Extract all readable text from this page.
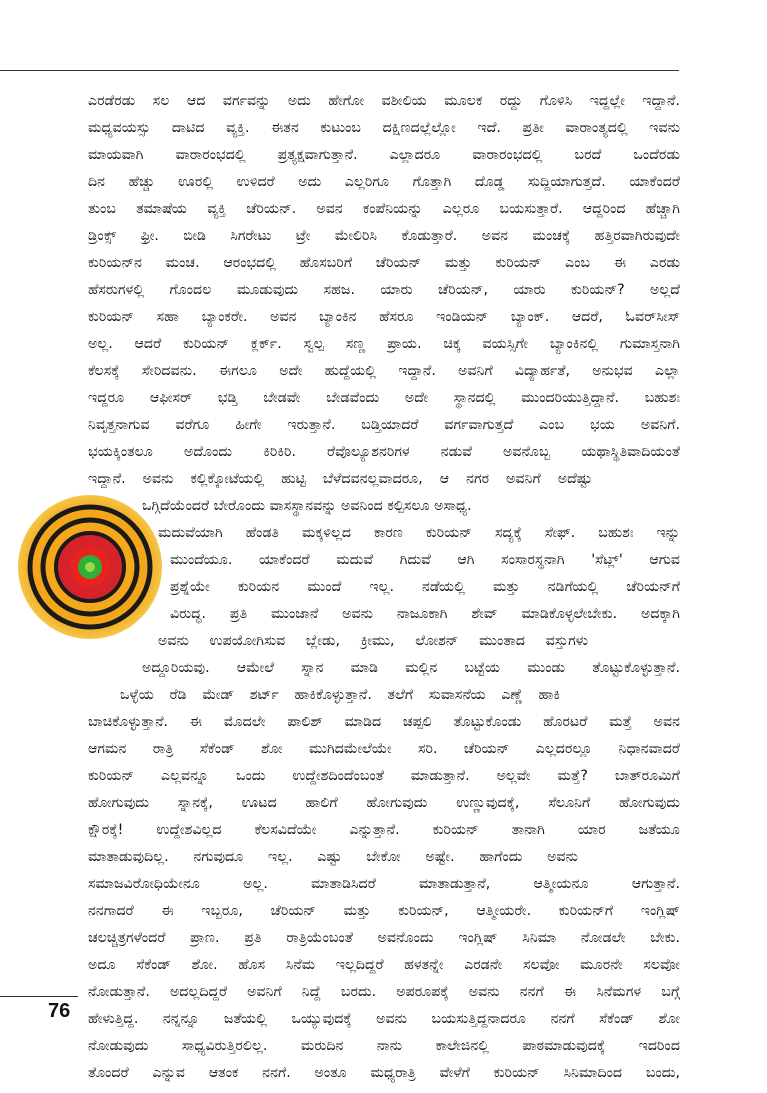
ಎರಡೆರಡು ಸಲ ಆದ ವರ್ಗವನ್ನು ಅದು ಹೇಗೋ ವಶೀಲಿಯ ಮೂಲಕ ರದ್ದು ಗೊಳಿಸಿ ಇದ್ದಲ್ಲೇ ಇದ್ದಾನೆ.
ಮಧ್ಯವಯಸ್ಸು ದಾಟಿದ ವ್ಯಕ್ತಿ. ಈತನ ಕುಟುಂಬ ದಕ್ಷಿಣದಲ್ಲೆಲ್ಲೋ ಇದೆ. ಪ್ರತೀ ವಾರಾಂತ್ಯದಲ್ಲಿ ಇವನು
ಮಾಯವಾಗಿ ವಾರಾರಂಭದಲ್ಲಿ ಪ್ರತ್ಯಕ್ಷವಾಗುತ್ತಾನೆ. ಎಲ್ಲಾದರೂ ವಾರಾರಂಭದಲ್ಲಿ ಬರದೆ ಒಂದೆರಡು
ದಿನ ಹೆಚ್ಚು ಊರಲ್ಲಿ ಉಳಿದರೆ ಅದು ಎಲ್ಲರಿಗೂ ಗೊತ್ತಾಗಿ ದೊಡ್ಡ ಸುದ್ದಿಯಾಗುತ್ತದೆ. ಯಾಕೆಂದರೆ
ತುಂಬ ತಮಾಷೆಯ ವ್ಯಕ್ತಿ ಚೆರಿಯನ್. ಅವನ ಕಂಪೆನಿಯನ್ನು ಎಲ್ಲರೂ ಬಯಸುತ್ತಾರೆ. ಆದ್ದರಿಂದ ಹೆಚ್ಚಾಗಿ
ಡ್ರಿಂಕ್ಸ್ ಫ್ರೀ. ಬೀಡಿ ಸಿಗರೇಟು ಟ್ರೇ ಮೇಲಿರಿಸಿ ಕೊಡುತ್ತಾರೆ. ಅವನ ಮಂಚಕ್ಕೆ ಹತ್ತಿರವಾಗಿರುವುದೇ
ಕುರಿಯನ್‌ನ ಮಂಚ. ಆರಂಭದಲ್ಲಿ ಹೊಸಬರಿಗೆ ಚೆರಿಯನ್ ಮತ್ತು ಕುರಿಯನ್ ಎಂಬ ಈ ಎರಡು
ಹೆಸರುಗಳಲ್ಲಿ ಗೊಂದಲ ಮೂಡುವುದು ಸಹಜ. ಯಾರು ಚೆರಿಯನ್, ಯಾರು ಕುರಿಯನ್? ಅಲ್ಲದೆ
ಕುರಿಯನ್ ಸಹಾ ಬ್ಯಾಂಕರೇ. ಅವನ ಬ್ಯಾಂಕಿನ ಹೆಸರೂ ಇಂಡಿಯನ್ ಬ್ಯಾಂಕ್. ಆದರೆ, ಓವರ್‌ಸೀಸ್
ಅಲ್ಲ. ಆದರೆ ಕುರಿಯನ್ ಕ್ಲರ್ಕ್. ಸ್ವಲ್ಪ ಸಣ್ಣ ಪ್ರಾಯ. ಚಿಕ್ಕ ವಯಸ್ಸಿಗೇ ಬ್ಯಾಂಕಿನಲ್ಲಿ ಗುಮಾಸ್ತನಾಗಿ
ಕೆಲಸಕ್ಕೆ ಸೇರಿದವನು. ಈಗಲೂ ಅದೇ ಹುದ್ದೆಯಲ್ಲಿ ಇದ್ದಾನೆ. ಅವನಿಗೆ ವಿದ್ಯಾರ್ಹತೆ, ಅನುಭವ ಎಲ್ಲಾ
ಇದ್ದರೂ ಆಫೀಸರ್ ಭಡ್ತಿ ಬೇಡವೇ ಬೇಡವೆಂದು ಅದೇ ಸ್ಥಾನದಲ್ಲಿ ಮುಂದರಿಯುತ್ತಿದ್ದಾನೆ. ಬಹುಶಃ
ನಿವೃತ್ತನಾಗುವ ವರೆಗೂ ಹೀಗೇ ಇರುತ್ತಾನೆ. ಬಡ್ತಿಯಾದರೆ ವರ್ಗವಾಗುತ್ತದೆ ಎಂಬ ಭಯ ಅವನಿಗೆ.
ಭಯಕ್ಕಿಂತಲೂ ಅದೊಂದು ಕಿರಿಕಿರಿ. ರೆವೊಲ್ಯೂಶನರಿಗಳ ನಡುವೆ ಅವನೊಬ್ಬ ಯಥಾಸ್ಥಿತಿವಾದಿಯಂತೆ
ಇದ್ದಾನೆ. ಅವನು ಕಲ್ಲಿಕ್ಕೋಟೆಯಲ್ಲಿ ಹುಟ್ಟಿ ಬೆಳೆದವನಲ್ಲವಾದರೂ, ಆ ನಗರ ಅವನಿಗೆ ಅದೆಷ್ಟು
ಒಗ್ಗಿದೆಯೆಂದರೆ ಬೇರೊಂದು ವಾಸಸ್ಥಾನವನ್ನು ಅವನಿಂದ ಕಲ್ಪಿಸಲೂ ಅಸಾಧ್ಯ.
ಮದುವೆಯಾಗಿ ಹೆಂಡತಿ ಮಕ್ಕಳಿಲ್ಲದ ಕಾರಣ ಕುರಿಯನ್ ಸದ್ಯಕ್ಕೆ ಸೇಫ್. ಬಹುಶಃ ಇನ್ನು
ಮುಂದೆಯೂ. ಯಾಕೆಂದರೆ ಮದುವೆ ಗಿದುವೆ ಆಗಿ ಸಂಸಾರಸ್ಥನಾಗಿ 'ಸೆಟ್ಲ್' ಆಗುವ
ಪ್ರಶ್ನೆಯೇ ಕುರಿಯನ ಮುಂದೆ ಇಲ್ಲ. ನಡೆಯಲ್ಲಿ ಮತ್ತು ನಡಿಗೆಯಲ್ಲಿ ಚೆರಿಯನ್‌ಗೆ
ವಿರುದ್ಧ. ಪ್ರತಿ ಮುಂಜಾನೆ ಅವನು ನಾಜೂಕಾಗಿ ಶೇವ್ ಮಾಡಿಕೊಳ್ಳಲೇಬೇಕು. ಅದಕ್ಕಾಗಿ
ಅವನು ಉಪಯೋಗಿಸುವ ಬ್ಲೇಡು, ಕ್ರೀಮು, ಲೋಶನ್ ಮುಂತಾದ ವಸ್ತುಗಳು
ಅದ್ದೂರಿಯವು. ಆಮೇಲೆ ಸ್ನಾನ ಮಾಡಿ ಮಲ್ಲಿನ ಬಟ್ಟೆಯ ಮುಂಡು ತೊಟ್ಟುಕೊಳ್ಳುತ್ತಾನೆ.
ಒಳ್ಳೆಯ ರೆಡಿ ಮೇಡ್ ಶರ್ಟ್ ಹಾಕಿಕೊಳ್ಳುತ್ತಾನೆ. ತಲೆಗೆ ಸುವಾಸನೆಯ ಎಣ್ಣೆ ಹಾಕಿ
ಬಾಚಿಕೊಳ್ಳುತ್ತಾನೆ. ಈ ಮೊದಲೇ ಪಾಲಿಶ್ ಮಾಡಿದ ಚಪ್ಪಲಿ ತೊಟ್ಟುಕೊಂಡು ಹೊರಟರೆ ಮತ್ತೆ ಅವನ
ಆಗಮನ ರಾತ್ರಿ ಸೆಕೆಂಡ್ ಶೋ ಮುಗಿದಮೇಲೆಯೇ ಸರಿ. ಚೆರಿಯನ್ ಎಲ್ಲದರಲ್ಲೂ ನಿಧಾನವಾದರೆ
ಕುರಿಯನ್ ಎಲ್ಲವನ್ನೂ ಒಂದು ಉದ್ದೇಶದಿಂದೆಂಬಂತೆ ಮಾಡುತ್ತಾನೆ. ಅಲ್ಲವೇ ಮತ್ತೆ? ಬಾತ್‌ರೂಮಿಗೆ
ಹೋಗುವುದು ಸ್ನಾನಕ್ಕೆ, ಊಟದ ಹಾಲಿಗೆ ಹೋಗುವುದು ಉಣ್ಣುವುದಕ್ಕೆ, ಸೆಲೂನಿಗೆ ಹೋಗುವುದು
ಕ್ಷೌರಕ್ಕೆ! ಉದ್ದೇಶವಿಲ್ಲದ ಕೆಲಸವಿದೆಯೇ ಎನ್ನುತ್ತಾನೆ. ಕುರಿಯನ್ ತಾನಾಗಿ ಯಾರ ಜತೆಯೂ
ಮಾತಾಡುವುದಿಲ್ಲ. ನಗುವುದೂ ಇಲ್ಲ. ಎಷ್ಟು ಬೇಕೋ ಅಷ್ಟೇ. ಹಾಗೆಂದು ಅವನು
ಸಮಾಜವಿರೋಧಿಯೇನೂ ಅಲ್ಲ. ಮಾತಾಡಿಸಿದರೆ ಮಾತಾಡುತ್ತಾನೆ, ಆತ್ಮೀಯನೂ ಆಗುತ್ತಾನೆ.
ನನಗಾದರೆ ಈ ಇಬ್ಬರೂ, ಚೆರಿಯನ್ ಮತ್ತು ಕುರಿಯನ್, ಆತ್ಮೀಯರೇ. ಕುರಿಯನ್‌ಗೆ ಇಂಗ್ಲಿಷ್
ಚಲಚ್ಚಿತ್ರಗಳೆಂದರೆ ಪ್ರಾಣ. ಪ್ರತಿ ರಾತ್ರಿಯೆಂಬಂತೆ ಅವನೊಂದು ಇಂಗ್ಲಿಷ್ ಸಿನಿಮಾ ನೋಡಲೇ ಬೇಕು.
ಅದೂ ಸೆಕೆಂಡ್ ಶೋ. ಹೊಸ ಸಿನೆಮ ಇಲ್ಲದಿದ್ದರೆ ಹಳತನ್ನೇ ಎರಡನೇ ಸಲವೋ ಮೂರನೇ ಸಲವೋ
ನೋಡುತ್ತಾನೆ. ಅದಲ್ಲದಿದ್ದರೆ ಅವನಿಗೆ ನಿದ್ದೆ ಬರದು. ಅಪರೂಪಕ್ಕೆ ಅವನು ನನಗೆ ಈ ಸಿನೆಮಗಳ ಬಗ್ಗೆ
ಹೇಳುತ್ತಿದ್ದ. ನನ್ನನ್ನೂ ಜತೆಯಲ್ಲಿ ಒಯ್ಯುವುದಕ್ಕೆ ಅವನು ಬಯಸುತ್ತಿದ್ದನಾದರೂ ನನಗೆ ಸೆಕೆಂಡ್ ಶೋ
ನೋಡುವುದು ಸಾಧ್ಯವಿರುತ್ತಿರಲಿಲ್ಲ. ಮರುದಿನ ನಾನು ಕಾಲೇಜಿನಲ್ಲಿ ಪಾಠಮಾಡುವುದಕ್ಕೆ ಇದರಿಂದ
ತೊಂದರೆ ಎನ್ನುವ ಆತಂಕ ನನಗೆ. ಅಂತೂ ಮಧ್ಯರಾತ್ರಿ ವೇಳೆಗೆ ಕುರಿಯನ್ ಸಿನಿಮಾದಿಂದ ಬಂದು,
76
